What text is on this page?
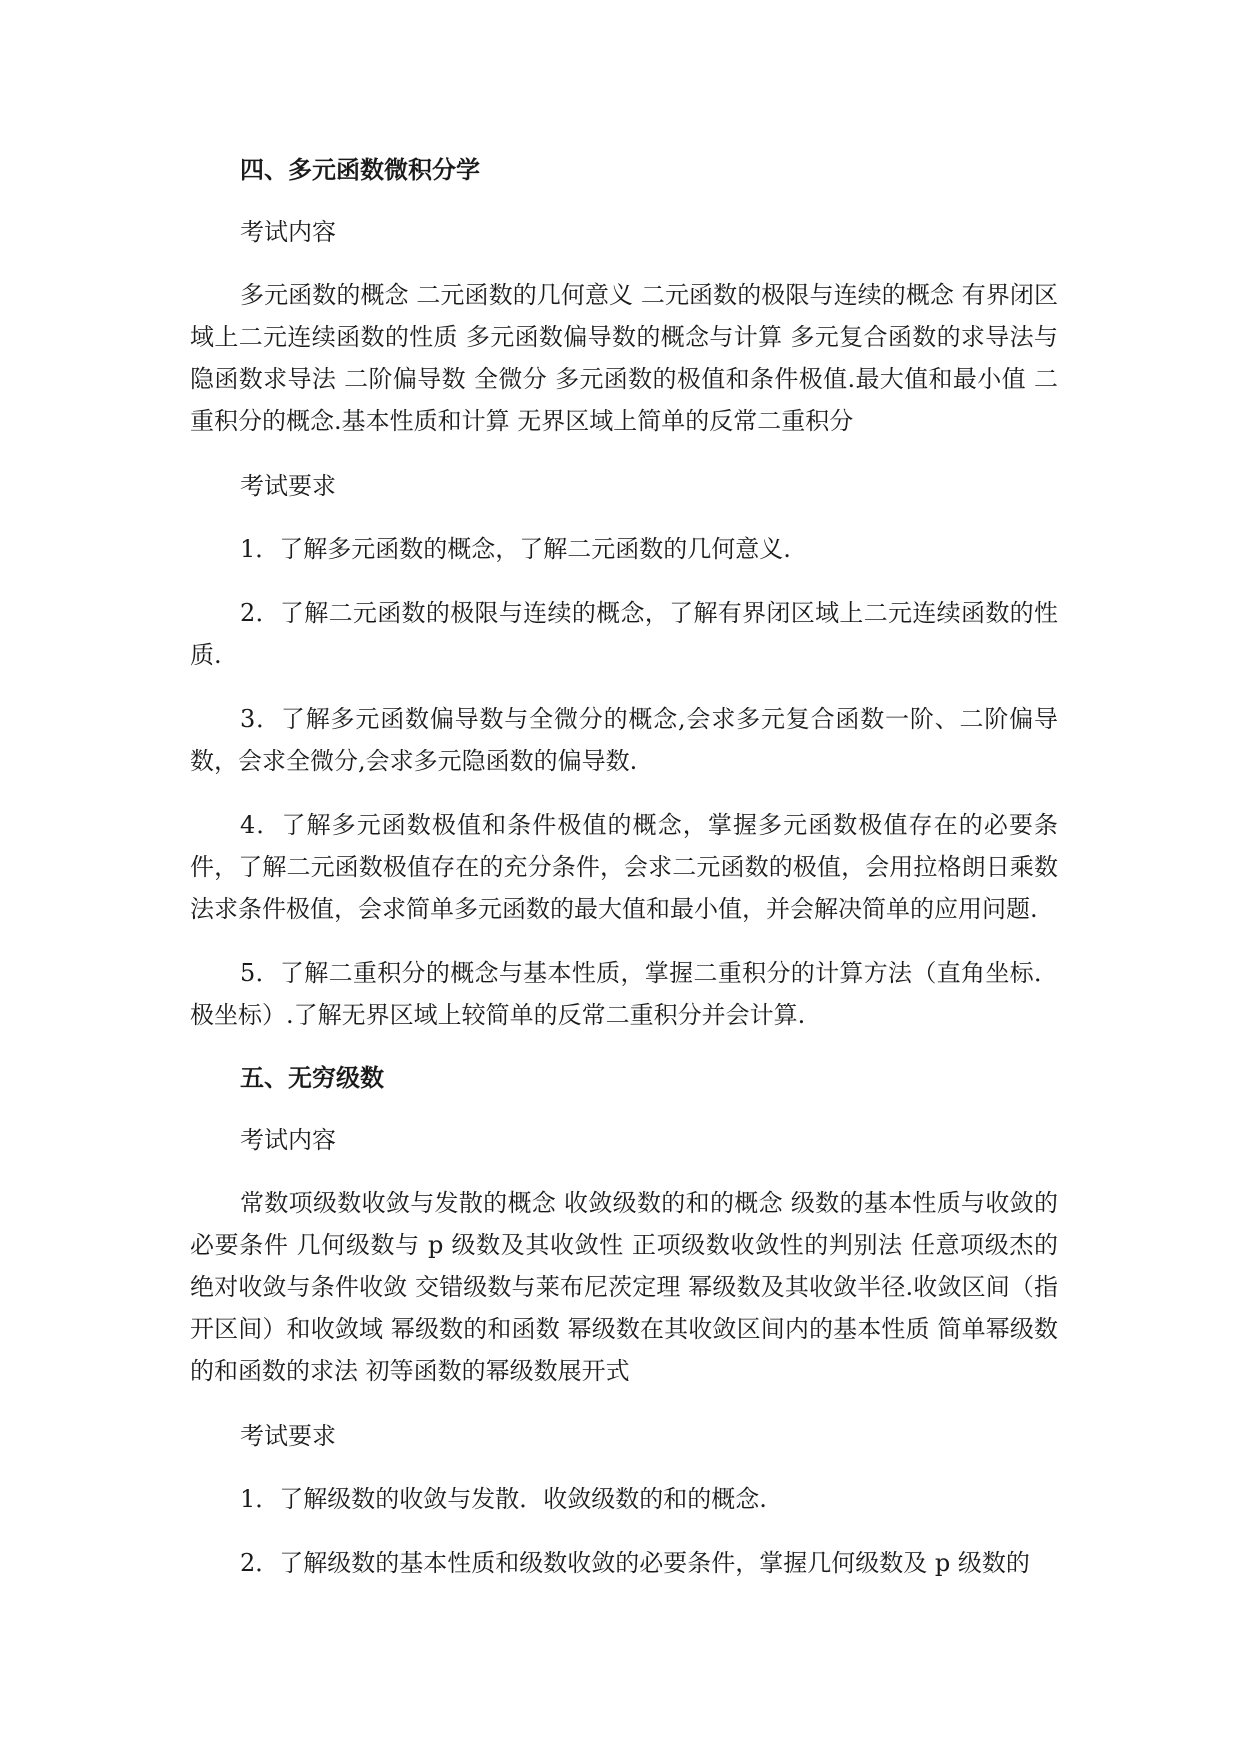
四、多元函数微积分学

考试内容

多元函数的概念 二元函数的几何意义 二元函数的极限与连续的概念 有界闭区域上二元连续函数的性质 多元函数偏导数的概念与计算 多元复合函数的求导法与隐函数求导法 二阶偏导数 全微分 多元函数的极值和条件极值.最大值和最小值 二重积分的概念.基本性质和计算 无界区域上简单的反常二重积分

考试要求

1．了解多元函数的概念，了解二元函数的几何意义.

2．了解二元函数的极限与连续的概念，了解有界闭区域上二元连续函数的性质.

3．了解多元函数偏导数与全微分的概念,会求多元复合函数一阶、二阶偏导数，会求全微分,会求多元隐函数的偏导数.

4．了解多元函数极值和条件极值的概念，掌握多元函数极值存在的必要条件，了解二元函数极值存在的充分条件，会求二元函数的极值，会用拉格朗日乘数法求条件极值，会求简单多元函数的最大值和最小值，并会解决简单的应用问题.

5．了解二重积分的概念与基本性质，掌握二重积分的计算方法（直角坐标．极坐标）.了解无界区域上较简单的反常二重积分并会计算.

五、无穷级数

考试内容

常数项级数收敛与发散的概念 收敛级数的和的概念 级数的基本性质与收敛的必要条件 几何级数与 p 级数及其收敛性 正项级数收敛性的判别法 任意项级杰的绝对收敛与条件收敛 交错级数与莱布尼茨定理 幂级数及其收敛半径.收敛区间（指开区间）和收敛域 幂级数的和函数 幂级数在其收敛区间内的基本性质 简单幂级数的和函数的求法 初等函数的幂级数展开式

考试要求

1．了解级数的收敛与发散．收敛级数的和的概念.

2．了解级数的基本性质和级数收敛的必要条件，掌握几何级数及 p 级数的
